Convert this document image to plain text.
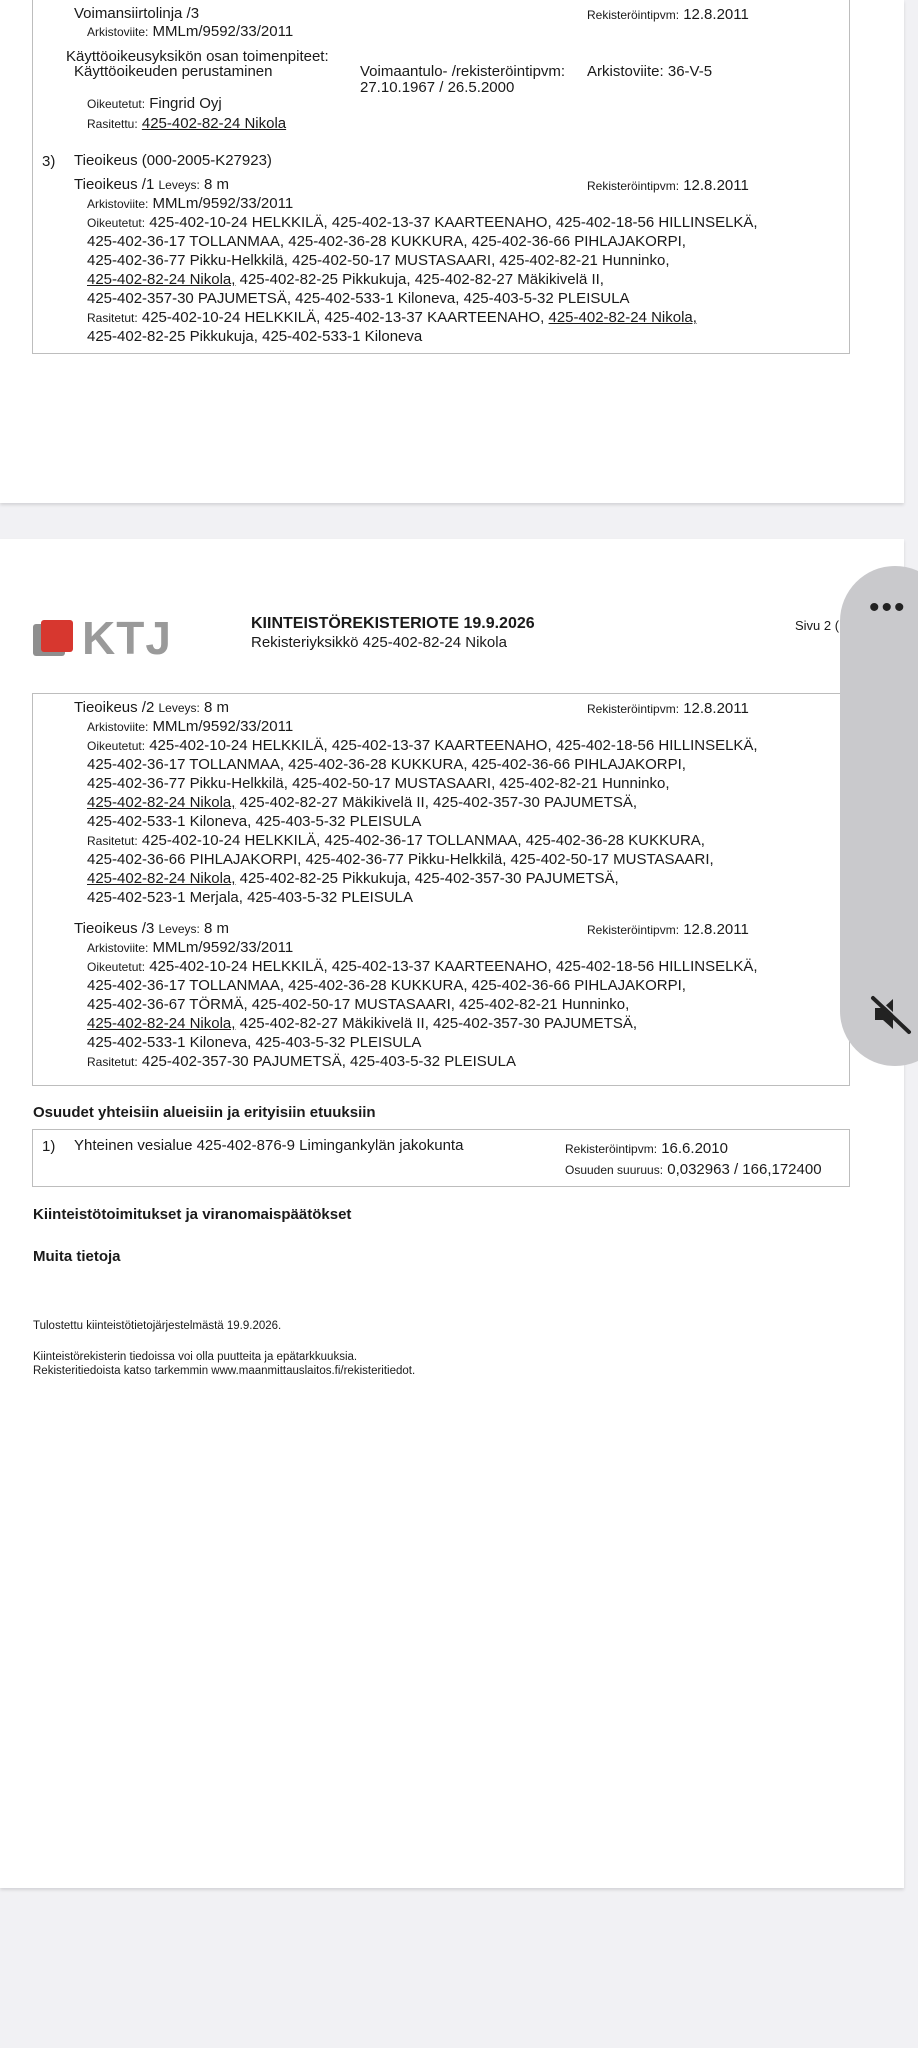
Voimansiirtolinja /3	Rekisteröintipvm: 12.8.2011
Arkistoviite: MMLm/9592/33/2011
Käyttöoikeusyksikön osan toimenpiteet:
Käyttöoikeuden perustaminen	Voimaantulo- /rekisteröintipvm:
27.10.1967 / 26.5.2000
Arkistoviite: 36-V-5
Oikeutetut: Fingrid Oyj
Rasitettu: 425-402-82-24 Nikola
3) Tieoikeus (000-2005-K27923)
Tieoikeus /1 Leveys: 8 m	Rekisteröintipvm: 12.8.2011
Arkistoviite: MMLm/9592/33/2011
Oikeutetut: 425-402-10-24 HELKKILÄ, 425-402-13-37 KAARTEENAHO, 425-402-18-56 HILLINSELKÄ,
425-402-36-17 TOLLANMAA, 425-402-36-28 KUKKURA, 425-402-36-66 PIHLAJAKORPI,
425-402-36-77 Pikku-Helkkilä, 425-402-50-17 MUSTASAARI, 425-402-82-21 Hunninko,
425-402-82-24 Nikola, 425-402-82-25 Pikkukuja, 425-402-82-27 Mäkikivelä II,
425-402-357-30 PAJUMETSÄ, 425-402-533-1 Kiloneva, 425-403-5-32 PLEISULA
Rasitetut: 425-402-10-24 HELKKILÄ, 425-402-13-37 KAARTEENAHO, 425-402-82-24 Nikola,
425-402-82-25 Pikkukuja, 425-402-533-1 Kiloneva
KTJ	KIINTEISTÖREKISTERIOTE 19.9.2026
Rekisteriyksikkö 425-402-82-24 Nikola
Sivu 2 (
Tieoikeus /2 Leveys: 8 m	Rekisteröintipvm: 12.8.2011
Arkistoviite: MMLm/9592/33/2011
Oikeutetut: 425-402-10-24 HELKKILÄ, 425-402-13-37 KAARTEENAHO, 425-402-18-56 HILLINSELKÄ,
425-402-36-17 TOLLANMAA, 425-402-36-28 KUKKURA, 425-402-36-66 PIHLAJAKORPI,
425-402-36-77 Pikku-Helkkilä, 425-402-50-17 MUSTASAARI, 425-402-82-21 Hunninko,
425-402-82-24 Nikola, 425-402-82-27 Mäkikivelä II, 425-402-357-30 PAJUMETSÄ,
425-402-533-1 Kiloneva, 425-403-5-32 PLEISULA
Rasitetut: 425-402-10-24 HELKKILÄ, 425-402-36-17 TOLLANMAA, 425-402-36-28 KUKKURA,
425-402-36-66 PIHLAJAKORPI, 425-402-36-77 Pikku-Helkkilä, 425-402-50-17 MUSTASAARI,
425-402-82-24 Nikola, 425-402-82-25 Pikkukuja, 425-402-357-30 PAJUMETSÄ,
425-402-523-1 Merjala, 425-403-5-32 PLEISULA
Tieoikeus /3 Leveys: 8 m	Rekisteröintipvm: 12.8.2011
Arkistoviite: MMLm/9592/33/2011
Oikeutetut: 425-402-10-24 HELKKILÄ, 425-402-13-37 KAARTEENAHO, 425-402-18-56 HILLINSELKÄ,
425-402-36-17 TOLLANMAA, 425-402-36-28 KUKKURA, 425-402-36-66 PIHLAJAKORPI,
425-402-36-67 TÖRMÄ, 425-402-50-17 MUSTASAARI, 425-402-82-21 Hunninko,
425-402-82-24 Nikola, 425-402-82-27 Mäkikivelä II, 425-402-357-30 PAJUMETSÄ,
425-402-533-1 Kiloneva, 425-403-5-32 PLEISULA
Rasitetut: 425-402-357-30 PAJUMETSÄ, 425-403-5-32 PLEISULA
Osuudet yhteisiin alueisiin ja erityisiin etuuksiin
1) Yhteinen vesialue 425-402-876-9 Limingankylän jakokunta	Rekisteröintipvm: 16.6.2010
Osuuden suuruus: 0,032963 / 166,172400
Kiinteistötoimitukset ja viranomaispäätökset
Muita tietoja
Tulostettu kiinteistötietojärjestelmästä 19.9.2026.
Kiinteistörekisterin tiedoissa voi olla puutteita ja epätarkkuuksia.
Rekisteritiedoista katso tarkemmin www.maanmittauslaitos.fi/rekisteritiedot.
•••
